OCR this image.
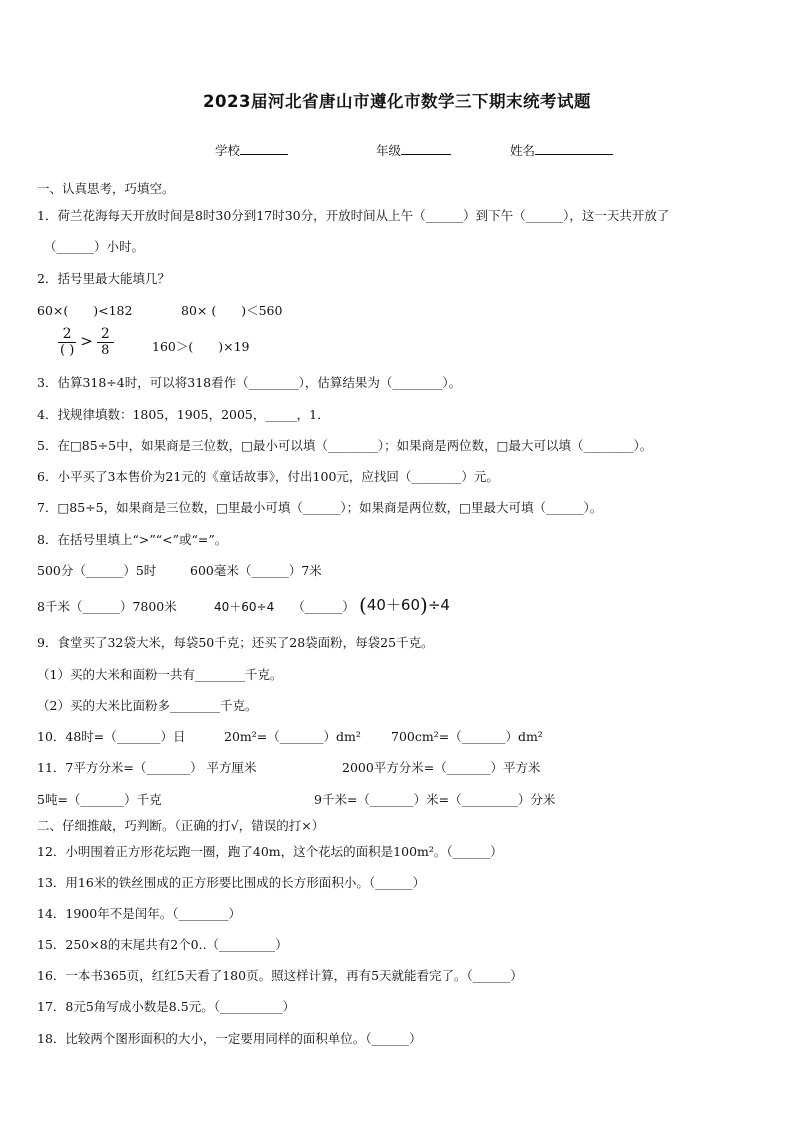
2023届河北省唐山市遵化市数学三下期末统考试题
学校	年级	姓名
一、认真思考，巧填空。
1．荷兰花海每天开放时间是8时30分到17时30分，开放时间从上午（______）到下午（______），这一天共开放了
（______）小时。
2．括号里最大能填几？
60×(　　)<182	80× (　　)＜560
$\frac{2}{( )} > \frac{2}{8}$	160＞(　　)×19
3．估算318÷4时，可以将318看作（________），估算结果为（________）。
4．找规律填数：1805，1905，2005，_____，1．
5．在□85÷5中，如果商是三位数，□最小可以填（________）；如果商是两位数，□最大可以填（________）。
6．小平买了3本售价为21元的《童话故事》，付出100元，应找回（________）元。
7．□85÷5，如果商是三位数，□里最小可填（______）；如果商是两位数，□里最大可填（______）。
8．在括号里填上“>”“<”或“=”。
500分（______）5时	600毫米（______）7米
8千米（______）7800米	40＋60÷4 （______） (40＋60)÷4
9．食堂买了32袋大米，每袋50千克；还买了28袋面粉，每袋25千克。
（1）买的大米和面粉一共有________千克。
（2）买的大米比面粉多________千克。
10．48时=（_______）日	20m²=（_______）dm² 700cm²=（_______）dm²
11．7平方分米=（_______） 平方厘米	2000平方分米=（_______）平方米
5吨=（_______）千克	9千米=（_______）米=（_________）分米
二、仔细推敲，巧判断。（正确的打√，错误的打×）
12．小明围着正方形花坛跑一圈，跑了40m，这个花坛的面积是100m²。（______）
13．用16米的铁丝围成的正方形要比围成的长方形面积小。（______）
14．1900年不是闰年。（________）
15．250×8的末尾共有2个0..（_________）
16．一本书365页，红红5天看了180页。照这样计算，再有5天就能看完了。（______）
17．8元5角写成小数是8.5元。（__________）
18．比较两个图形面积的大小，一定要用同样的面积单位。（______）
